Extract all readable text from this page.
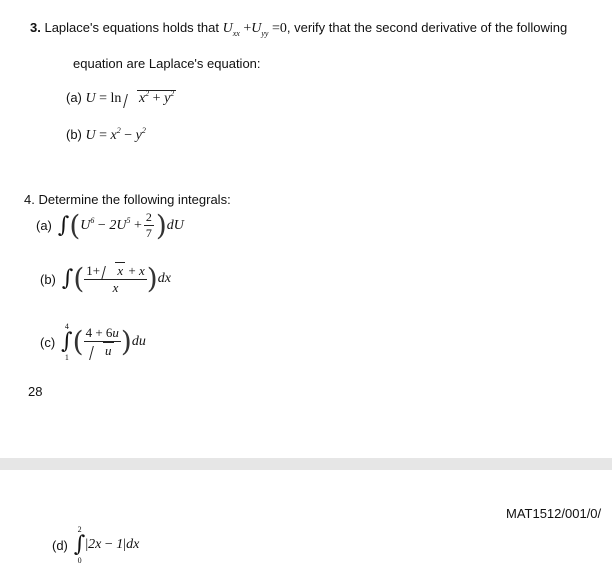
3. Laplace's equations holds that $U_{xx} +U_{yy} =0$, verify that the second derivative of the following
equation are Laplace's equation:
(a) $U = \ln x^2 + y^2$
(b) $U = x^2 - y^2$
4. Determine the following integrals:
(a) ∫ ( $U^6 - 2U^5 + \frac{2}{7}$ ) dU
(b) ∫ ( $\frac{1+ x + x}{x}$ ) dx
(c)
4
∫
1 ( $\frac{4 + 6u}{u}$ ) du
28
MAT1512/001/0/
(d)
2
∫
0
|2x − 1|dx
